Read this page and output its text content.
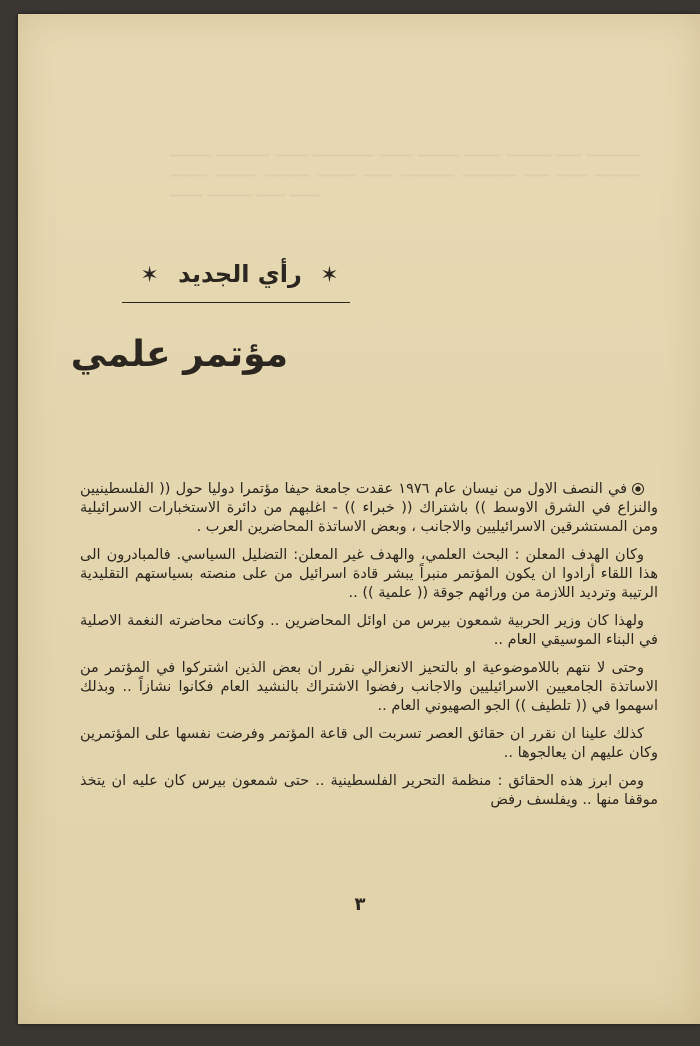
ــــــــــ ـــــــــــــ ــــــــ ـــــــــــــــ ــــــــ ــــــــــ ـــــــــ ـــــــــــ ــــــ ـــــــــــــ ـــــــــ ــــــــــ ـــــــــــ ـــــــــ ـــــــ ـــــــــــــ ـــــــــــــ ــــــ ـــــــ ـــــــــــ ــــــــ ـــــــــــ ـــــــ ـــــــ
✶ رأي الجديد ✶
مؤتمر علمي

في النصف الاول من نيسان عام ١٩٧٦ عقدت جامعة حيفا مؤتمرا دوليا حول (( الفلسطينيين والنزاع في الشرق الاوسط )) باشتراك (( خبراء )) - اغلبهم من دائرة الاستخبارات الاسرائيلية ومن المستشرقين الاسرائيليين والاجانب ، وبعض الاساتذة المحاضرين العرب .

وكان الهدف المعلن : البحث العلمي، والهدف غير المعلن: التضليل السياسي. فالمبادرون الى هذا اللقاء أرادوا ان يكون المؤتمر منبراً يبشر قادة اسرائيل من على منصته بسياستهم التقليدية الرتيبة وترديد اللازمة من ورائهم جوقة (( علمية )) ..

ولهذا كان وزير الحربية شمعون بيرس من اوائل المحاضرين .. وكانت محاضرته النغمة الاصلية في البناء الموسيقي العام ..

وحتى لا نتهم باللاموضوعية او بالتحيز الانعزالي نقرر ان بعض الذين اشتركوا في المؤتمر من الاساتذة الجامعيين الاسرائيليين والاجانب رفضوا الاشتراك بالنشيد العام فكانوا نشازاً .. وبذلك اسهموا في (( تلطيف )) الجو الصهيوني العام ..

كذلك علينا ان نقرر ان حقائق العصر تسربت الى قاعة المؤتمر وفرضت نفسها على المؤتمرين وكان عليهم ان يعالجوها ..

ومن ابرز هذه الحقائق : منظمة التحرير الفلسطينية .. حتى شمعون بيرس كان عليه ان يتخذ موقفا منها .. ويفلسف رفض

٣
